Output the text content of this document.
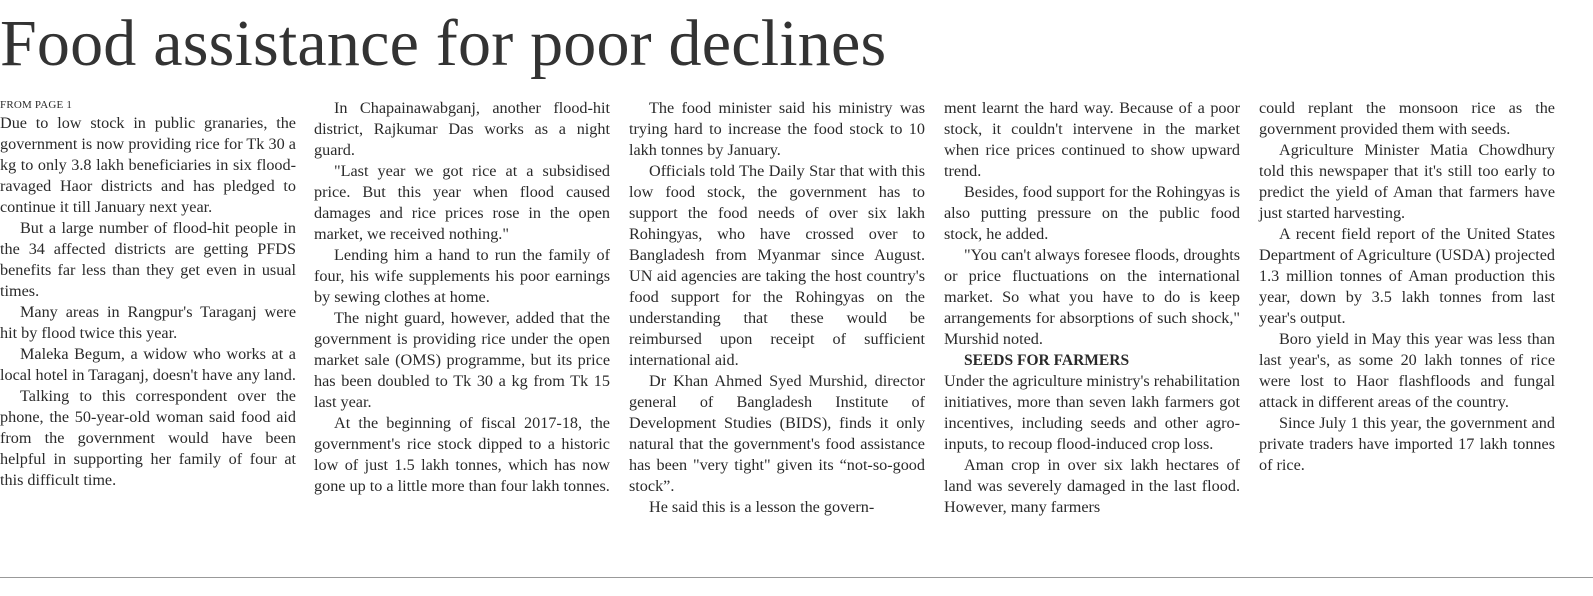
Food assistance for poor declines
FROM PAGE 1

Due to low stock in public granaries, the government is now providing rice for Tk 30 a kg to only 3.8 lakh beneficiaries in six flood-ravaged Haor districts and has pledged to continue it till January next year.

But a large number of flood-hit people in the 34 affected districts are getting PFDS benefits far less than they get even in usual times.

Many areas in Rangpur's Taraganj were hit by flood twice this year.

Maleka Begum, a widow who works at a local hotel in Taraganj, doesn't have any land.

Talking to this correspondent over the phone, the 50-year-old woman said food aid from the government would have been helpful in supporting her family of four at this difficult time.

In Chapainawabganj, another flood-hit district, Rajkumar Das works as a night guard.

"Last year we got rice at a subsidised price. But this year when flood caused damages and rice prices rose in the open market, we received nothing."

Lending him a hand to run the family of four, his wife supplements his poor earnings by sewing clothes at home.

The night guard, however, added that the government is providing rice under the open market sale (OMS) programme, but its price has been doubled to Tk 30 a kg from Tk 15 last year.

At the beginning of fiscal 2017-18, the government's rice stock dipped to a historic low of just 1.5 lakh tonnes, which has now gone up to a little more than four lakh tonnes.

The food minister said his ministry was trying hard to increase the food stock to 10 lakh tonnes by January.

Officials told The Daily Star that with this low food stock, the government has to support the food needs of over six lakh Rohingyas, who have crossed over to Bangladesh from Myanmar since August. UN aid agencies are taking the host country's food support for the Rohingyas on the understanding that these would be reimbursed upon receipt of sufficient international aid.

Dr Khan Ahmed Syed Murshid, director general of Bangladesh Institute of Development Studies (BIDS), finds it only natural that the government's food assistance has been "very tight" given its “not-so-good stock”.

He said this is a lesson the govern-

ment learnt the hard way. Because of a poor stock, it couldn't intervene in the market when rice prices continued to show upward trend.

Besides, food support for the Rohingyas is also putting pressure on the public food stock, he added.

"You can't always foresee floods, droughts or price fluctuations on the international market. So what you have to do is keep arrangements for absorptions of such shock," Murshid noted.

SEEDS FOR FARMERS

Under the agriculture ministry's rehabilitation initiatives, more than seven lakh farmers got incentives, including seeds and other agro-inputs, to recoup flood-induced crop loss.

Aman crop in over six lakh hectares of land was severely damaged in the last flood. However, many farmers

could replant the monsoon rice as the government provided them with seeds.

Agriculture Minister Matia Chowdhury told this newspaper that it's still too early to predict the yield of Aman that farmers have just started harvesting.

A recent field report of the United States Department of Agriculture (USDA) projected 1.3 million tonnes of Aman production this year, down by 3.5 lakh tonnes from last year's output.

Boro yield in May this year was less than last year's, as some 20 lakh tonnes of rice were lost to Haor flashfloods and fungal attack in different areas of the country.

Since July 1 this year, the government and private traders have imported 17 lakh tonnes of rice.
